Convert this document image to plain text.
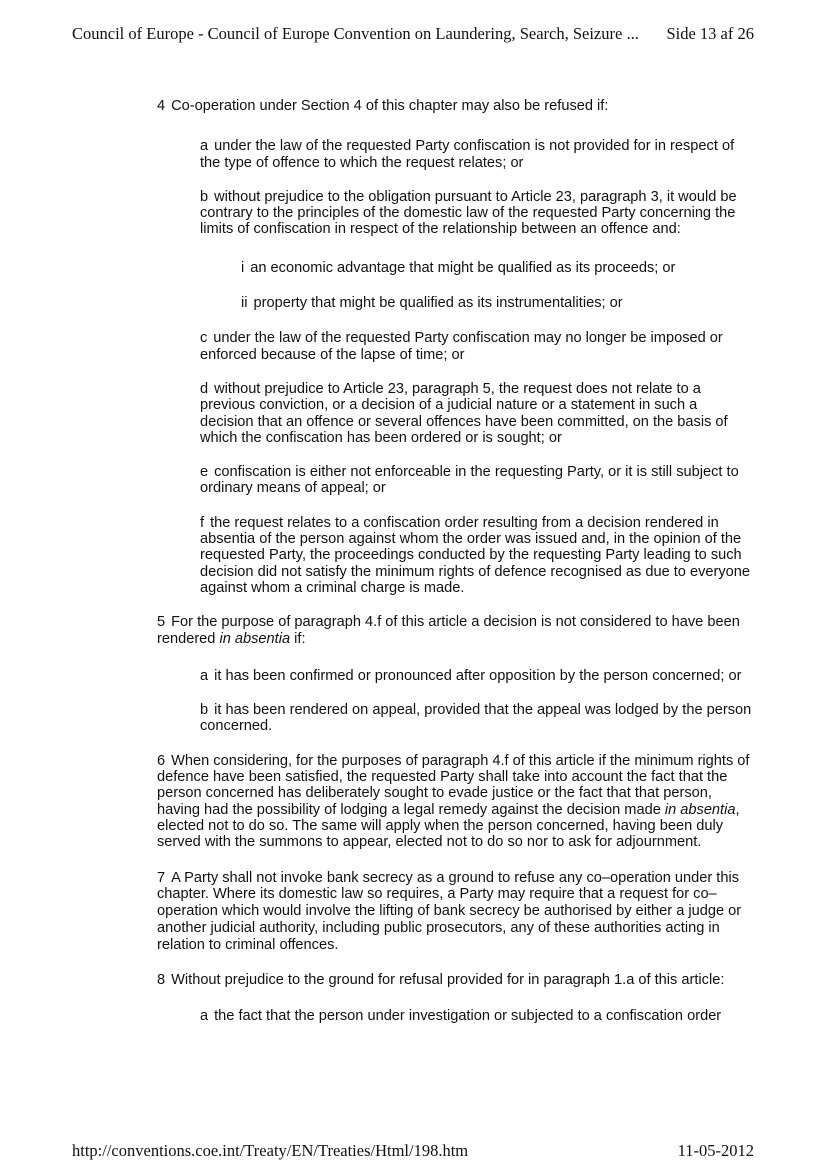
Council of Europe - Council of Europe Convention on Laundering, Search, Seizure ... Side 13 af 26

4 Co-operation under Section 4 of this chapter may also be refused if:

a under the law of the requested Party confiscation is not provided for in respect of the type of offence to which the request relates; or

b without prejudice to the obligation pursuant to Article 23, paragraph 3, it would be contrary to the principles of the domestic law of the requested Party concerning the limits of confiscation in respect of the relationship between an offence and:

i an economic advantage that might be qualified as its proceeds; or

ii property that might be qualified as its instrumentalities; or

c under the law of the requested Party confiscation may no longer be imposed or enforced because of the lapse of time; or

d without prejudice to Article 23, paragraph 5, the request does not relate to a previous conviction, or a decision of a judicial nature or a statement in such a decision that an offence or several offences have been committed, on the basis of which the confiscation has been ordered or is sought; or

e confiscation is either not enforceable in the requesting Party, or it is still subject to ordinary means of appeal; or

f the request relates to a confiscation order resulting from a decision rendered in absentia of the person against whom the order was issued and, in the opinion of the requested Party, the proceedings conducted by the requesting Party leading to such decision did not satisfy the minimum rights of defence recognised as due to everyone against whom a criminal charge is made.

5 For the purpose of paragraph 4.f of this article a decision is not considered to have been rendered in absentia if:

a it has been confirmed or pronounced after opposition by the person concerned; or

b it has been rendered on appeal, provided that the appeal was lodged by the person concerned.

6 When considering, for the purposes of paragraph 4.f of this article if the minimum rights of defence have been satisfied, the requested Party shall take into account the fact that the person concerned has deliberately sought to evade justice or the fact that that person, having had the possibility of lodging a legal remedy against the decision made in absentia, elected not to do so. The same will apply when the person concerned, having been duly served with the summons to appear, elected not to do so nor to ask for adjournment.

7 A Party shall not invoke bank secrecy as a ground to refuse any co–operation under this chapter. Where its domestic law so requires, a Party may require that a request for co–operation which would involve the lifting of bank secrecy be authorised by either a judge or another judicial authority, including public prosecutors, any of these authorities acting in relation to criminal offences.

8 Without prejudice to the ground for refusal provided for in paragraph 1.a of this article:

a the fact that the person under investigation or subjected to a confiscation order

http://conventions.coe.int/Treaty/EN/Treaties/Html/198.htm	11-05-2012
